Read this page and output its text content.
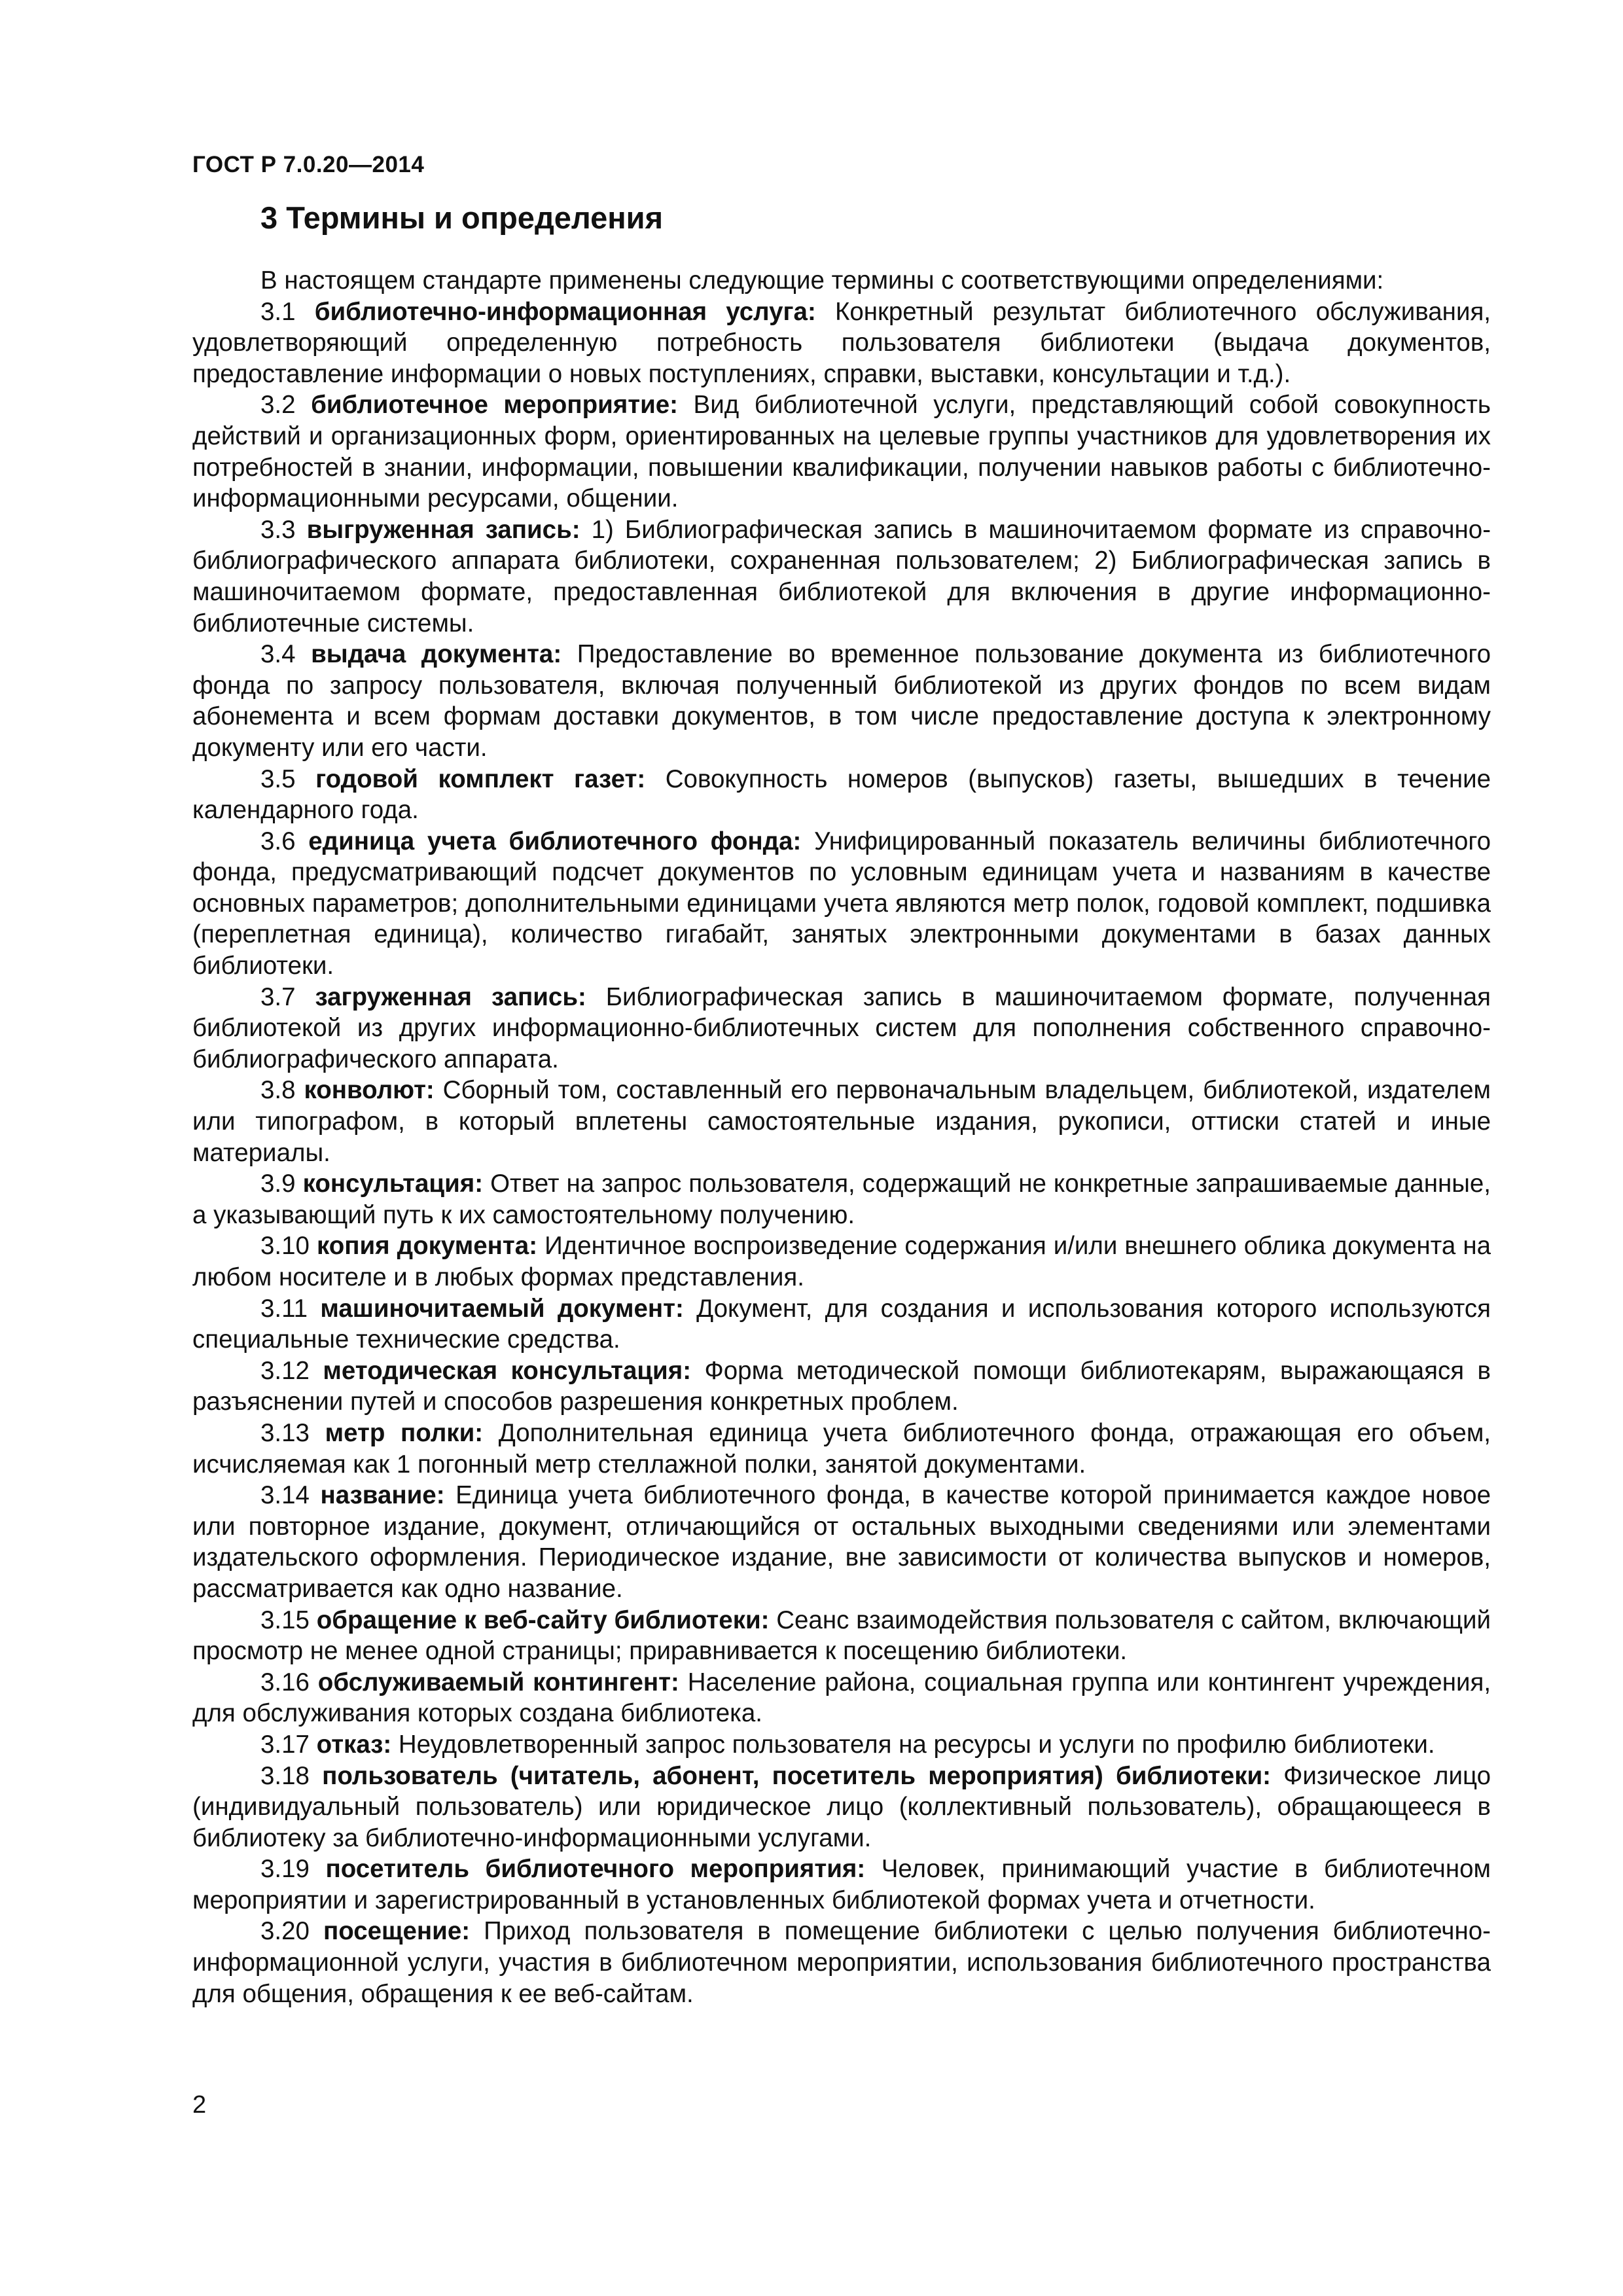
ГОСТ Р 7.0.20—2014
3 Термины и определения

В настоящем стандарте применены следующие термины с соответствующими определениями:

3.1 библиотечно-информационная услуга: Конкретный результат библиотечного обслуживания, удовлетворяющий определенную потребность пользователя библиотеки (выдача документов, предоставление информации о новых поступлениях, справки, выставки, консультации и т.д.).

3.2 библиотечное мероприятие: Вид библиотечной услуги, представляющий собой совокупность действий и организационных форм, ориентированных на целевые группы участников для удовлетворения их потребностей в знании, информации, повышении квалификации, получении навыков работы с библиотечно-информационными ресурсами, общении.

3.3 выгруженная запись: 1) Библиографическая запись в машиночитаемом формате из справочно-библиографического аппарата библиотеки, сохраненная пользователем; 2) Библиографическая запись в машиночитаемом формате, предоставленная библиотекой для включения в другие информационно-библиотечные системы.

3.4 выдача документа: Предоставление во временное пользование документа из библиотечного фонда по запросу пользователя, включая полученный библиотекой из других фондов по всем видам абонемента и всем формам доставки документов, в том числе предоставление доступа к электронному документу или его части.

3.5 годовой комплект газет: Совокупность номеров (выпусков) газеты, вышедших в течение календарного года.

3.6 единица учета библиотечного фонда: Унифицированный показатель величины библиотечного фонда, предусматривающий подсчет документов по условным единицам учета и названиям в качестве основных параметров; дополнительными единицами учета являются метр полок, годовой комплект, подшивка (переплетная единица), количество гигабайт, занятых электронными документами в базах данных библиотеки.

3.7 загруженная запись: Библиографическая запись в машиночитаемом формате, полученная библиотекой из других информационно-библиотечных систем для пополнения собственного справочно-библиографического аппарата.

3.8 конволют: Сборный том, составленный его первоначальным владельцем, библиотекой, издателем или типографом, в который вплетены самостоятельные издания, рукописи, оттиски статей и иные материалы.

3.9 консультация: Ответ на запрос пользователя, содержащий не конкретные запрашиваемые данные, а указывающий путь к их самостоятельному получению.

3.10 копия документа: Идентичное воспроизведение содержания и/или внешнего облика документа на любом носителе и в любых формах представления.

3.11 машиночитаемый документ: Документ, для создания и использования которого используются специальные технические средства.

3.12 методическая консультация: Форма методической помощи библиотекарям, выражающаяся в разъяснении путей и способов разрешения конкретных проблем.

3.13 метр полки: Дополнительная единица учета библиотечного фонда, отражающая его объем, исчисляемая как 1 погонный метр стеллажной полки, занятой документами.

3.14 название: Единица учета библиотечного фонда, в качестве которой принимается каждое новое или повторное издание, документ, отличающийся от остальных выходными сведениями или элементами издательского оформления. Периодическое издание, вне зависимости от количества выпусков и номеров, рассматривается как одно название.

3.15 обращение к веб-сайту библиотеки: Сеанс взаимодействия пользователя с сайтом, включающий просмотр не менее одной страницы; приравнивается к посещению библиотеки.

3.16 обслуживаемый контингент: Население района, социальная группа или контингент учреждения, для обслуживания которых создана библиотека.

3.17 отказ: Неудовлетворенный запрос пользователя на ресурсы и услуги по профилю библиотеки.

3.18 пользователь (читатель, абонент, посетитель мероприятия) библиотеки: Физическое лицо (индивидуальный пользователь) или юридическое лицо (коллективный пользователь), обращающееся в библиотеку за библиотечно-информационными услугами.

3.19 посетитель библиотечного мероприятия: Человек, принимающий участие в библиотечном мероприятии и зарегистрированный в установленных библиотекой формах учета и отчетности.

3.20 посещение: Приход пользователя в помещение библиотеки с целью получения библиотечно-информационной услуги, участия в библиотечном мероприятии, использования библиотечного пространства для общения, обращения к ее веб-сайтам.

2
